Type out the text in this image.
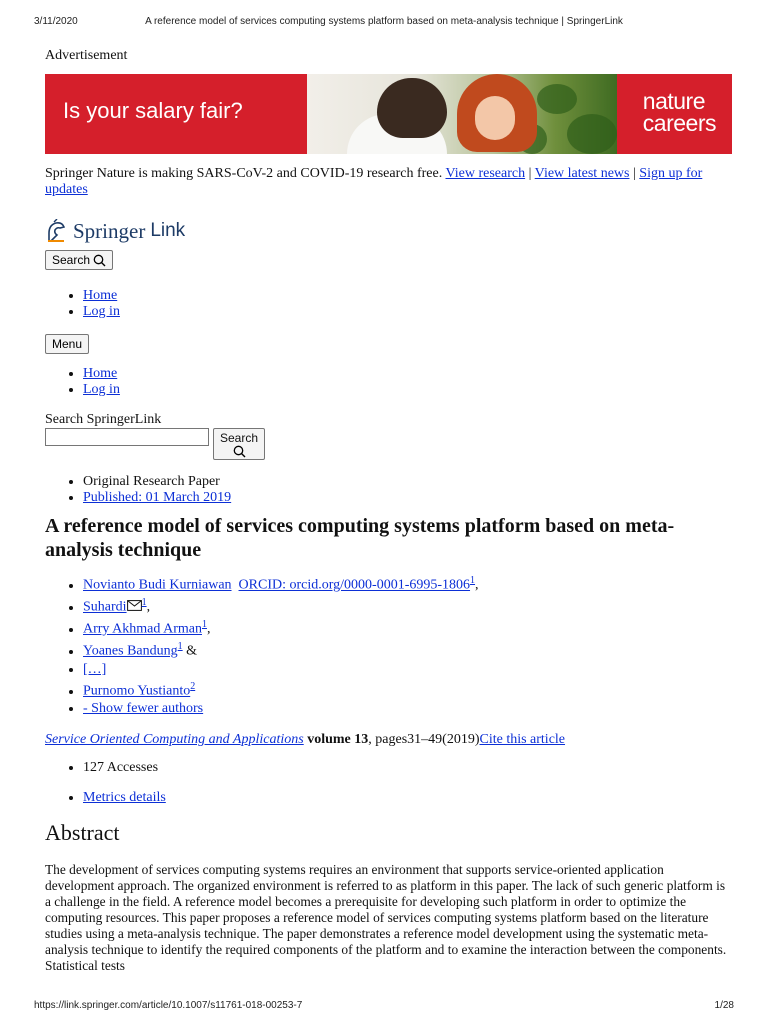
3/11/2020	A reference model of services computing systems platform based on meta-analysis technique | SpringerLink
Advertisement
Is your salary fair?	nature
careers

Springer Nature is making SARS-CoV-2 and COVID-19 research free. View research | View latest news | Sign up for updates

Springer Link
Search
• Home
• Log in
Menu
• Home
• Log in
Search SpringerLink
Search
• Original Research Paper
• Published: 01 March 2019
A reference model of services computing systems platform based on meta-analysis technique
• Novianto Budi Kurniawan ORCID: orcid.org/0000-0001-6995-1806$^1$,
• Suhardi $^1$,
• Arry Akhmad Arman$^1$,
• Yoanes Bandung$^1$ &
• […]
• Purnomo Yustianto$^2$
• - Show fewer authors
Service Oriented Computing and Applications volume 13, pages31–49(2019)Cite this article
• 127 Accesses
• Metrics details
Abstract

The development of services computing systems requires an environment that supports service-oriented application development approach. The organized environment is referred to as platform in this paper. The lack of such generic platform is a challenge in the field. A reference model becomes a prerequisite for developing such platform in order to optimize the computing resources. This paper proposes a reference model of services computing systems platform based on the literature studies using a meta-analysis technique. The paper demonstrates a reference model development using the systematic meta-analysis technique to identify the required components of the platform and to examine the interaction between the components. Statistical tests

https://link.springer.com/article/10.1007/s11761-018-00253-7	1/28
